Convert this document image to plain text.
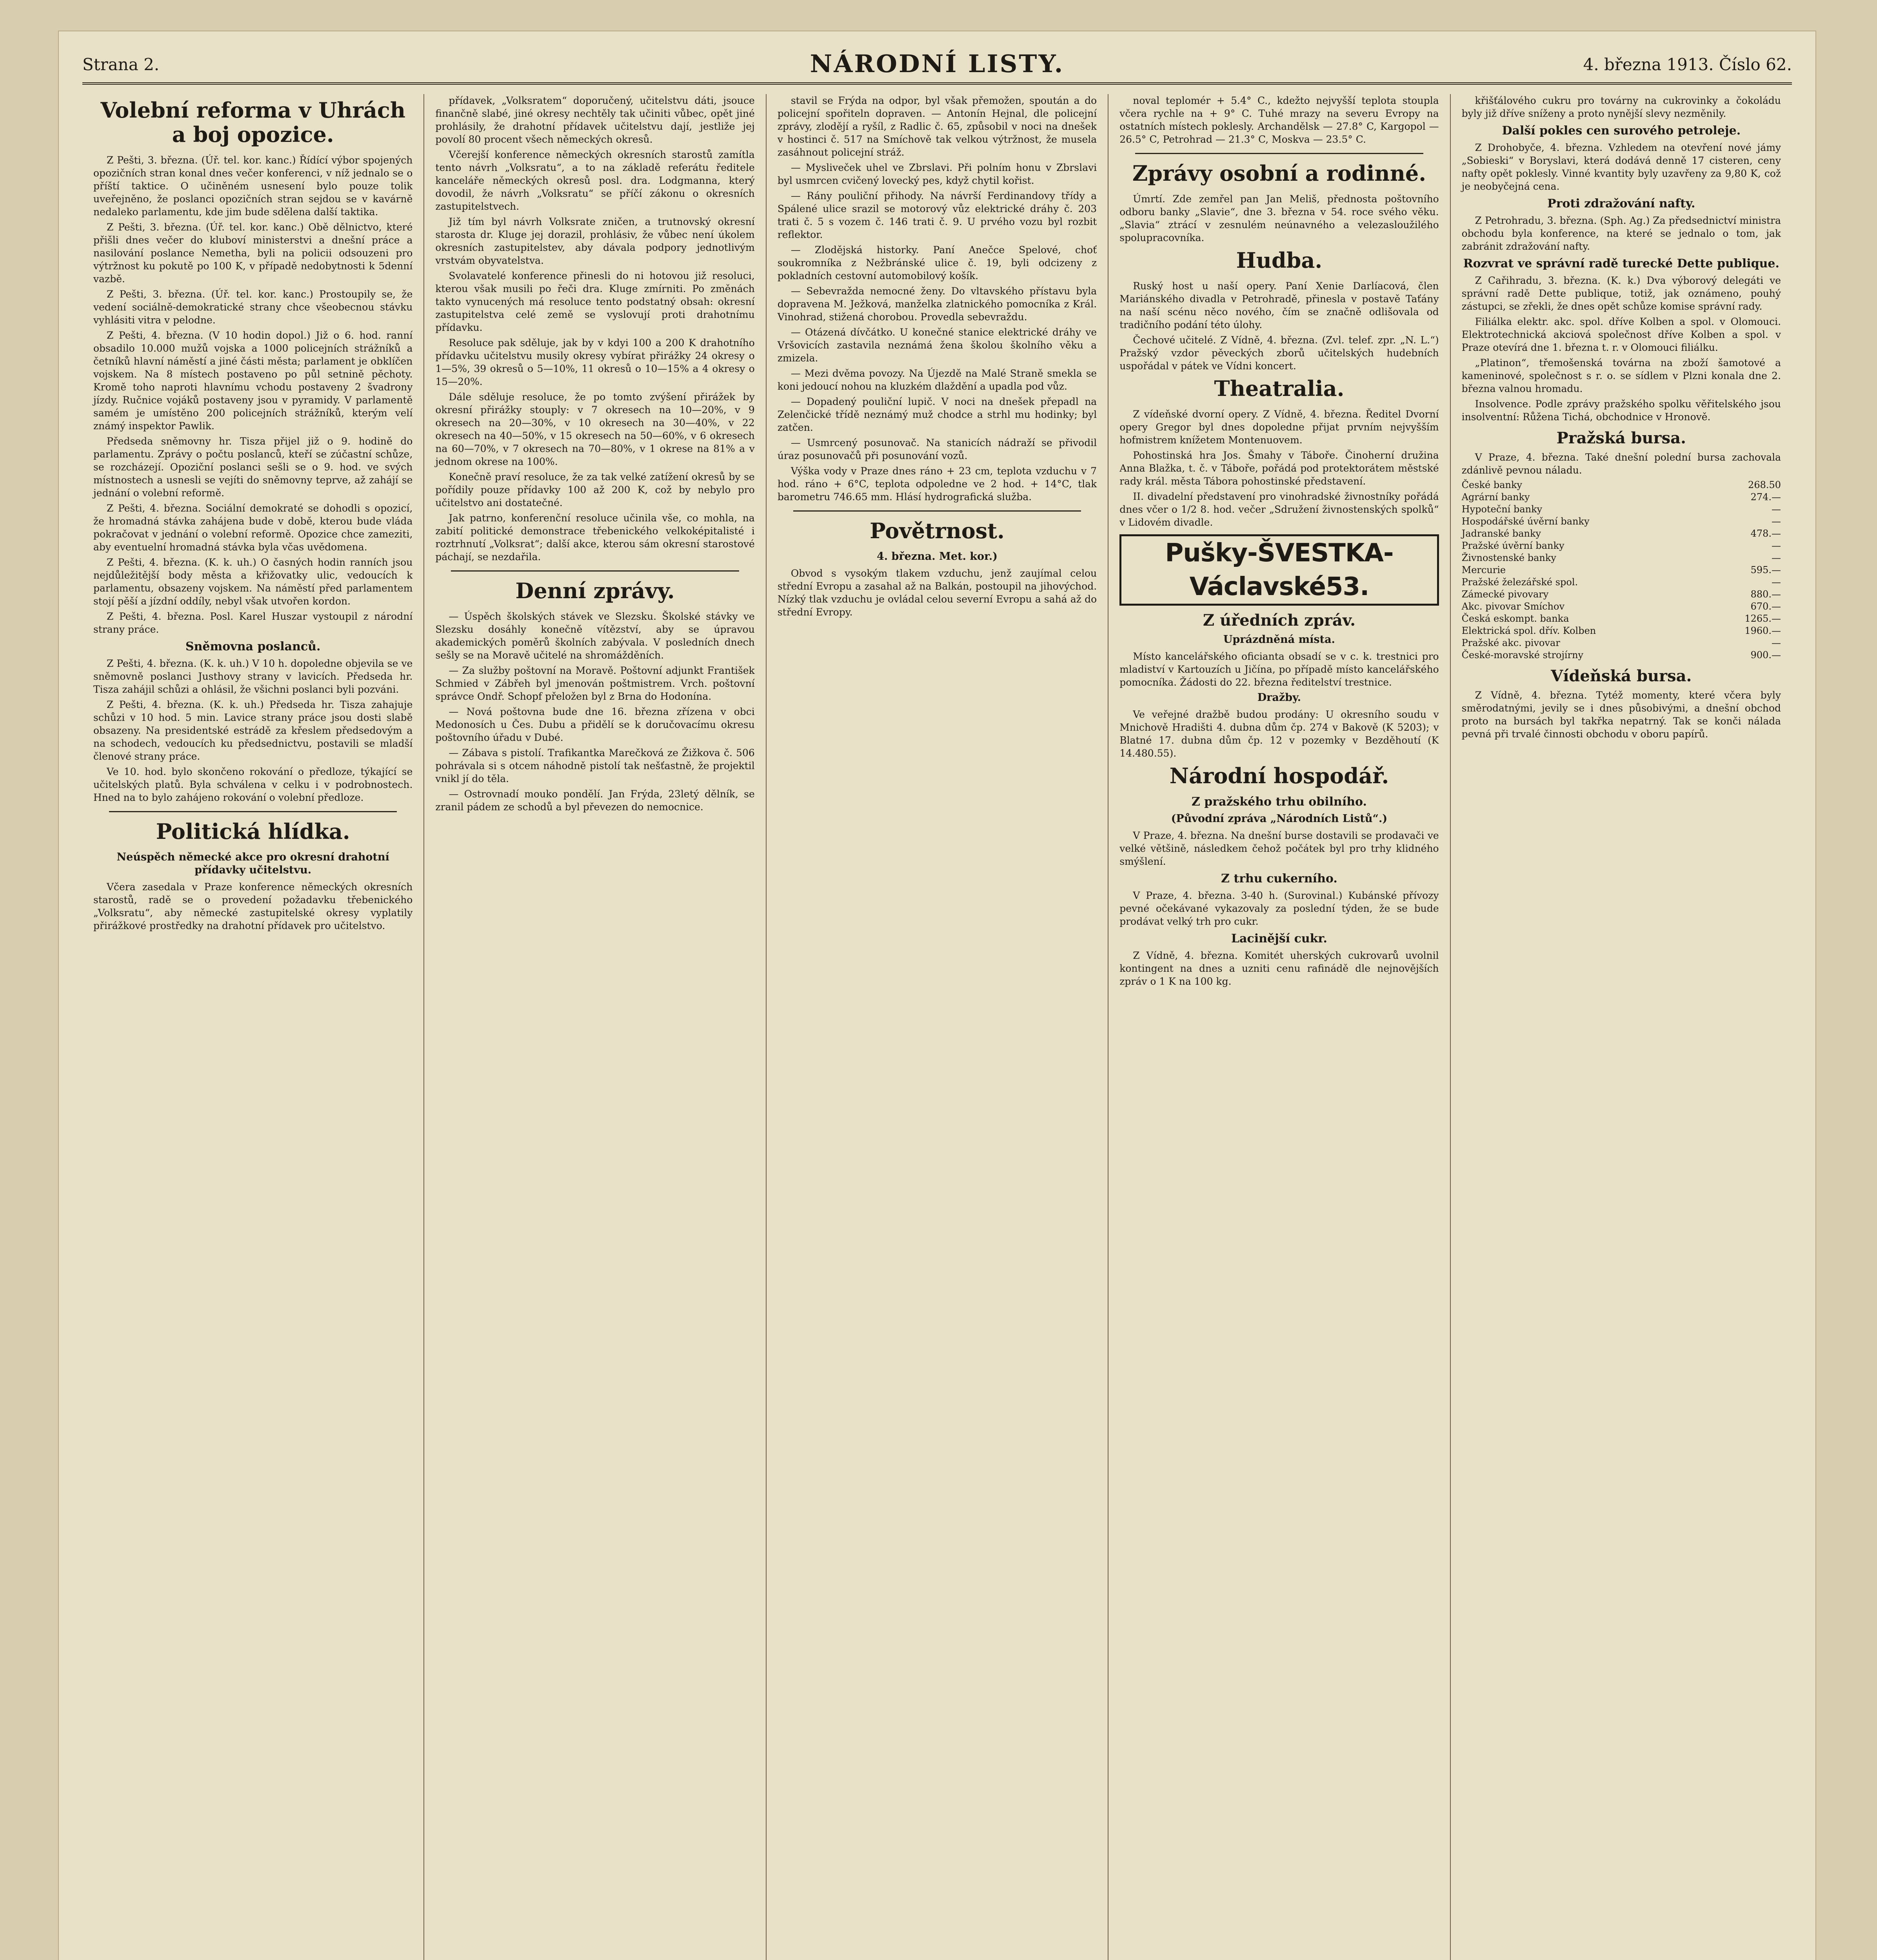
Strana 2.	NÁRODNÍ LISTY.	4. března 1913. Číslo 62.
Volební reforma v Uhrách a boj opozice.

Z Pešti, 3. března. (Úř. tel. kor. kanc.) Řídící výbor spojených opozičních stran konal dnes večer konferenci, v níž jednalo se o příští taktice. O učiněném usnesení bylo pouze tolik uveřejněno, že poslanci opozičních stran sejdou se v kavárně nedaleko parlamentu, kde jim bude sdělena další taktika.

Z Pešti, 3. března. (Úř. tel. kor. kanc.) Obě dělnictvo, které přišli dnes večer do kluboví ministerstvi a dnešní práce a nasilování poslance Nemetha, byli na policii odsouzeni pro výtržnost ku pokutě po 100 K, v případě nedobytnosti k 5denní vazbě.

Z Pešti, 3. března. (Úř. tel. kor. kanc.) Prostoupily se, že vedení sociálně-demokratické strany chce všeobecnou stávku vyhlásiti vitra v pelodne.

Z Pešti, 4. března. (V 10 hodin dopol.) Již o 6. hod. ranní obsadilo 10.000 mužů vojska a 1000 policejních strážníků a četníků hlavní náměstí a jiné části města; parlament je obklíčen vojskem. Na 8 místech postaveno po půl setnině pěchoty. Kromě toho naproti hlavnímu vchodu postaveny 2 švadrony jízdy. Ručnice vojáků postaveny jsou v pyramidy. V parlamentě samém je umístěno 200 policejních strážníků, kterým velí známý inspektor Pawlik.

Předseda sněmovny hr. Tisza přijel již o 9. hodině do parlamentu. Zprávy o počtu poslanců, kteří se zúčastní schůze, se rozcházejí. Opoziční poslanci sešli se o 9. hod. ve svých místnostech a usnesli se vejíti do sněmovny teprve, až zahájí se jednání o volební reformě.

Z Pešti, 4. března. Sociální demokraté se dohodli s opozicí, že hromadná stávka zahájena bude v době, kterou bude vláda pokračovat v jednání o volební reformě. Opozice chce zameziti, aby eventuelní hromadná stávka byla včas uvědomena.

Z Pešti, 4. března. (K. k. uh.) O časných hodin ranních jsou nejdůležitější body města a křižovatky ulic, vedoucích k parlamentu, obsazeny vojskem. Na náměstí před parlamentem stojí pěší a jízdní oddíly, nebyl však utvořen kordon.

Z Pešti, 4. března. Posl. Karel Huszar vystoupil z národní strany práce.

Sněmovna poslanců.

Z Pešti, 4. března. (K. k. uh.) V 10 h. dopoledne objevila se ve sněmovně poslanci Justhovy strany v lavicích. Předseda hr. Tisza zahájil schůzi a ohlásil, že všichni poslanci byli pozváni.

Z Pešti, 4. března. (K. k. uh.) Předseda hr. Tisza zahajuje schůzi v 10 hod. 5 min. Lavice strany práce jsou dosti slabě obsazeny. Na presidentské estrádě za křeslem předsedovým a na schodech, vedoucích ku předsednictvu, postavili se mladší členové strany práce.

Ve 10. hod. bylo skončeno rokování o předloze, týkající se učitelských platů. Byla schválena v celku i v podrobnostech. Hned na to bylo zahájeno rokování o volební předloze.

Politická hlídka.
Neúspěch německé akce pro okresní drahotní přídavky učitelstvu.

Včera zasedala v Praze konference německých okresních starostů, radě se o provedení požadavku třebenického „Volksratu“, aby německé zastupitelské okresy vyplatily přirážkové prostředky na drahotní přídavek pro učitelstvo.

přídavek, „Volksratem“ doporučený, učitelstvu dáti, jsouce finančně slabé, jiné okresy nechtěly tak učiniti vůbec, opět jiné prohlásily, že drahotní přídavek učitelstvu dají, jestliže jej povolí 80 procent všech německých okresů.

Včerejší konference německých okresních starostů zamítla tento návrh „Volksratu“, a to na základě referátu ředitele kanceláře německých okresů posl. dra. Lodgmanna, který dovodil, že návrh „Volksratu“ se příčí zákonu o okresních zastupitelstvech.

Již tím byl návrh Volksrate zničen, a trutnovský okresní starosta dr. Kluge jej dorazil, prohlásiv, že vůbec není úkolem okresních zastupitelstev, aby dávala podpory jednotlivým vrstvám obyvatelstva.

Svolavatelé konference přinesli do ni hotovou již resoluci, kterou však musili po řeči dra. Kluge zmírniti. Po změnách takto vynucených má resoluce tento podstatný obsah: okresní zastupitelstva celé země se vyslovují proti drahotnímu přídavku.

Resoluce pak sděluje, jak by v kdyi 100 a 200 K drahotního přídavku učitelstvu musily okresy vybírat přirážky 24 okresy o 1—5%, 39 okresů o 5—10%, 11 okresů o 10—15% a 4 okresy o 15—20%.

Dále sděluje resoluce, že po tomto zvýšení přirážek by okresní přirážky stouply: v 7 okresech na 10—20%, v 9 okresech na 20—30%, v 10 okresech na 30—40%, v 22 okresech na 40—50%, v 15 okresech na 50—60%, v 6 okresech na 60—70%, v 7 okresech na 70—80%, v 1 okrese na 81% a v jednom okrese na 100%.

Konečně praví resoluce, že za tak velké zatížení okresů by se pořídily pouze přídavky 100 až 200 K, což by nebylo pro učitelstvo ani dostatečné.

Jak patrno, konferenční resoluce učinila vše, co mohla, na zabití politické demonstrace třebenického velkoképitalisté i roztrhnutí „Volksrat“; další akce, kterou sám okresní starostové páchají, se nezdařila.

Denní zprávy.

— Úspěch školských stávek ve Slezsku. Školské stávky ve Slezsku dosáhly konečně vítězství, aby se úpravou akademických poměrů školních zabývala. V posledních dnech sešly se na Moravě učitelé na shromážděních.

— Za služby poštovní na Moravě. Poštovní adjunkt František Schmied v Zábřeh byl jmenován poštmistrem. Vrch. poštovní správce Ondř. Schopf přeložen byl z Brna do Hodonína.

— Nová poštovna bude dne 16. března zřízena v obci Medonosích u Čes. Dubu a přidělí se k doručovacímu okresu poštovního úřadu v Dubé.

— Zábava s pistolí. Trafikantka Marečková ze Žižkova č. 506 pohrávala si s otcem náhodně pistolí tak nešťastně, že projektil vnikl jí do těla.

— Ostrovnadí mouko pondělí. Jan Frýda, 23letý dělník, se zranil pádem ze schodů a byl převezen do nemocnice.

stavil se Frýda na odpor, byl však přemožen, spoután a do policejní spořiteln dopraven. — Antonín Hejnal, dle policejní zprávy, zlodějí a ryšíl, z Radlic č. 65, způsobil v noci na dnešek v hostinci č. 517 na Smíchově tak velkou výtržnost, že musela zasáhnout policejní stráž.

— Mysliveček uhel ve Zbrslavi. Při polním honu v Zbrslavi byl usmrcen cvičený lovecký pes, když chytil kořist.

— Rány pouliční přihody. Na návrší Ferdinandovy třídy a Spálené ulice srazil se motorový vůz elektrické dráhy č. 203 trati č. 5 s vozem č. 146 trati č. 9. U prvého vozu byl rozbit reflektor.

— Zlodějská historky. Paní Anečce Spelové, choť soukromníka z Nežbránské ulice č. 19, byli odcizeny z pokladních cestovní automobilový košík.

— Sebevražda nemocné ženy. Do vltavského přístavu byla dopravena M. Ježková, manželka zlatnického pomocníka z Král. Vinohrad, stižená chorobou. Provedla sebevraždu.

— Otázená dívčátko. U konečné stanice elektrické dráhy ve Vršovicích zastavila neznámá žena školou školního věku a zmizela.

— Mezi dvěma povozy. Na Újezdě na Malé Straně smekla se koni jedoucí nohou na kluzkém dlaždění a upadla pod vůz.

— Dopadený pouliční lupič. V noci na dnešek přepadl na Zelenčické třídě neznámý muž chodce a strhl mu hodinky; byl zatčen.

— Usmrcený posunovač. Na stanicích nádraží se přivodil úraz posunovačů při posunování vozů.

Výška vody v Praze dnes ráno + 23 cm, teplota vzduchu v 7 hod. ráno + 6°C, teplota odpoledne ve 2 hod. + 14°C, tlak barometru 746.65 mm. Hlásí hydrografická služba.

Povětrnost.
4. března. Met. kor.)

Obvod s vysokým tlakem vzduchu, jenž zaujímal celou střední Evropu a zasahal až na Balkán, postoupil na jihovýchod. Nízký tlak vzduchu je ovládal celou severní Evropu a sahá až do střední Evropy.

noval teplomér + 5.4° C., kdežto nejvyšší teplota stoupla včera rychle na + 9° C. Tuhé mrazy na severu Evropy na ostatních místech poklesly. Archandělsk — 27.8° C, Kargopol — 26.5° C, Petrohrad — 21.3° C, Moskva — 23.5° C.

Zprávy osobní a rodinné.

Úmrtí. Zde zemřel pan Jan Meliš, přednosta poštovního odboru banky „Slavie“, dne 3. března v 54. roce svého věku. „Slavia“ ztrácí v zesnulém neúnavného a velezasloužilého spolupracovníka.

Hudba.

Ruský host u naší opery. Paní Xenie Darlíacová, člen Mariánského divadla v Petrohradě, přinesla v postavě Taťány na naší scénu něco nového, čím se značně odlišovala od tradičního podání této úlohy.

Čechové učitelé. Z Vídně, 4. března. (Zvl. telef. zpr. „N. L.“) Pražský vzdor pěveckých zborů učitelských hudebních uspořádal v pátek ve Vídni koncert.

Theatralia.

Z vídeňské dvorní opery. Z Vídně, 4. března. Ředitel Dvorní opery Gregor byl dnes dopoledne přijat prvním nejvyšším hofmistrem knížetem Montenuovem.

Pohostinská hra Jos. Šmahy v Táboře. Činoherní družina Anna Blažka, t. č. v Táboře, pořádá pod protektorátem městské rady král. města Tábora pohostinské představení.

II. divadelní představení pro vinohradské živnostníky pořádá dnes včer o 1/2 8. hod. večer „Sdružení živnostenských spolků“ v Lidovém divadle.

Pušky-ŠVESTKA-Václavské53.
Z úředních zpráv.
Uprázdněná místa.

Místo kancelářského oficianta obsadí se v c. k. trestnici pro mladiství v Kartouzích u Jičína, po případě místo kancelářského pomocníka. Žádosti do 22. března ředitelství trestnice.

Dražby.

Ve veřejné dražbě budou prodány: U okresního soudu v Mnichově Hradišti 4. dubna dům čp. 274 v Bakově (K 5203); v Blatné 17. dubna dům čp. 12 v pozemky v Bezděhoutí (K 14.480.55).

Národní hospodář.
Z pražského trhu obilního.
(Původní zpráva „Národních Listů“.)

V Praze, 4. března. Na dnešní burse dostavili se prodavači ve velké většině, následkem čehož počátek byl pro trhy klidného smýšlení.

Z trhu cukerního.

V Praze, 4. března. 3-40 h. (Surovinal.) Kubánské přívozy pevné očekávané vykazovaly za poslední týden, že se bude prodávat velký trh pro cukr.

Lacinější cukr.

Z Vídně, 4. března. Komitét uherských cukrovarů uvolnil kontingent na dnes a uzniti cenu rafinádě dle nejnovějších zpráv o 1 K na 100 kg.

křišťálového cukru pro továrny na cukrovinky a čokoládu byly již dříve sníženy a proto nynější slevy nezměnily.

Další pokles cen surového petroleje.

Z Drohobyče, 4. března. Vzhledem na otevření nové jámy „Sobieski“ v Boryslavi, která dodává denně 17 cisteren, ceny nafty opět poklesly. Vinné kvantity byly uzavřeny za 9,80 K, což je neobyčejná cena.

Proti zdražování nafty.

Z Petrohradu, 3. března. (Sph. Ag.) Za předsednictví ministra obchodu byla konference, na které se jednalo o tom, jak zabránit zdražování nafty.

Rozvrat ve správní radě turecké Dette publique.

Z Cařihradu, 3. března. (K. k.) Dva výborový delegáti ve správní radě Dette publique, totiž, jak oznámeno, pouhý zástupci, se zřekli, že dnes opět schůze komise správní rady.

Filiálka elektr. akc. spol. dříve Kolben a spol. v Olomouci. Elektrotechnická akciová společnost dříve Kolben a spol. v Praze otevírá dne 1. března t. r. v Olomouci filiálku.

„Platinon“, třemošenská továrna na zboží šamotové a kameninové, společnost s r. o. se sídlem v Plzni konala dne 2. března valnou hromadu.

Insolvence. Podle zprávy pražského spolku věřitelského jsou insolventní: Růžena Tichá, obchodnice v Hronově.

Pražská bursa.

V Praze, 4. března. Také dnešní polední bursa zachovala zdánlivě pevnou náladu.

České banky	268.50
Agrární banky	274.—
Hypoteční banky	—
Hospodářské úvěrní banky	—
Jadranské banky	478.—
Pražské úvěrní banky	—
Živnostenské banky	—
Mercurie	595.—
Pražské železářské spol.	—
Zámecké pivovary	880.—
Akc. pivovar Smíchov	670.—
Česká eskompt. banka	1265.—
Elektrická spol. dřív. Kolben	1960.—
Pražské akc. pivovar	—
České-moravské strojírny	900.—
Vídeňská bursa.

Z Vídně, 4. března. Tytéž momenty, které včera byly směrodatnými, jevily se i dnes působivými, a dnešní obchod proto na bursách byl takřka nepatrný. Tak se konči nálada pevná při trvalé činnosti obchodu v oboru papírů.
